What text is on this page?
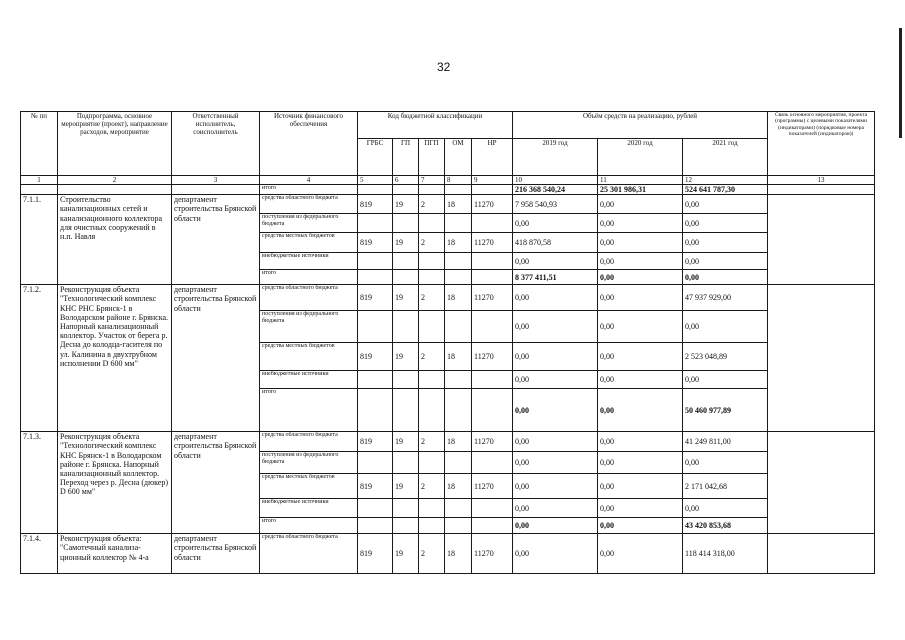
32
№ пп	Подпрограмма, основное мероприятие (проект), направление расходов, мероприятие	Ответственный исполнитель, соисполнитель	Источник финансового обеспечения	Код бюджетной классификации					Объём средств на реализацию, рублей			Связь основного мероприятия, проекта (программы) с целевыми показателями (индикаторами) (порядковые номера показателей (индикаторов))
				ГРБС	ГП	ПГП	ОМ	НР	2019 год	2020 год	2021 год	
1	2	3	4	5	6	7	8	9	10	11	12	13
			итого						216 368 540,24	25 301 986,31	524 641 787,30	
7.1.1.	Строительство канализационных сетей и канализационного коллектора для очистных сооружений в н.п. Навля	департамент строительства Брянской области	средства областного бюджета	819	19	2	18	11270	7 958 540,93	0,00	0,00	
			поступления из федерального бюджета						0,00	0,00	0,00	
			средства местных бюджетов	819	19	2	18	11270	418 870,58	0,00	0,00	
			внебюджетные источники						0,00	0,00	0,00	
			итого						8 377 411,51	0,00	0,00	
7.1.2.	Реконструкция объекта "Технологический комплекс КНС РНС Брянск-1 в Володарском районе г. Брянска. Напорный канализационный коллектор. Участок от берега р. Десна до колодца-гасителя по ул. Калинина в двухтрубном исполнении D 600 мм"	департамент строительства Брянской области	средства областного бюджета	819	19	2	18	11270	0,00	0,00	47 937 929,00	
			поступления из федерального бюджета						0,00	0,00	0,00	
			средства местных бюджетов	819	19	2	18	11270	0,00	0,00	2 523 048,89	
			внебюджетные источники						0,00	0,00	0,00	
			итого						0,00	0,00	50 460 977,89	
7.1.3.	Реконструкция объекта "Технологический комплекс КНС Брянск-1 в Володарском районе г. Брянска. Напорный канализационный коллектор. Переход через р. Десна (дюкер) D 600 мм"	департамент строительства Брянской области	средства областного бюджета	819	19	2	18	11270	0,00	0,00	41 249 811,00	
			поступления из федерального бюджета						0,00	0,00	0,00	
			средства местных бюджетов	819	19	2	18	11270	0,00	0,00	2 171 042,68	
			внебюджетные источники						0,00	0,00	0,00	
			итого						0,00	0,00	43 420 853,68	
7.1.4.	Реконструкция объекта: "Самотечный канализа- ционный коллектор № 4-а	департамент строительства Брянской области	средства областного бюджета	819	19	2	18	11270	0,00	0,00	118 414 318,00	
